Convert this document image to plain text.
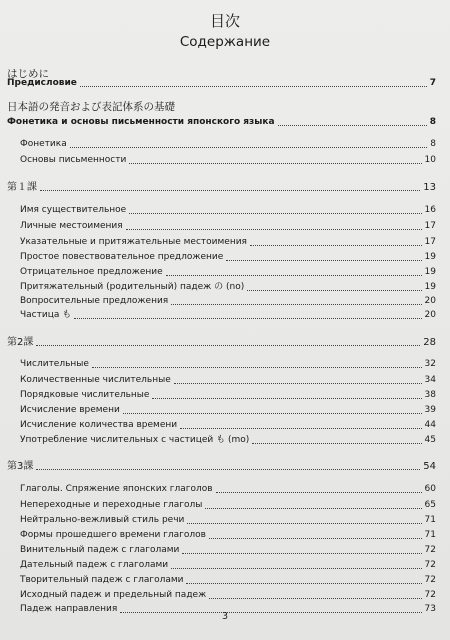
目次
Содержание
はじめに
日本語の発音および表記体系の基礎
Предисловие	7
Фонетика и основы письменности японского языка	8
Фонетика	8
Основы письменности	10
第１課	13
Имя существительное	16
Личные местоимения	17
Указательные и притяжательные местоимения	17
Простое повествовательное предложение	19
Отрицательное предложение	19
Притяжательный (родительный) падеж の (no)	19
Вопросительные предложения	20
Частица も	20
第2課	28
Числительные	32
Количественные числительные	34
Порядковые числительные	38
Исчисление времени	39
Исчисление количества времени	44
Употребление числительных с частицей も (mo)	45
第3課	54
Глаголы. Спряжение японских глаголов	60
Непереходные и переходные глаголы	65
Нейтрально-вежливый стиль речи	71
Формы прошедшего времени глаголов	71
Винительный падеж с глаголами	72
Дательный падеж с глаголами	72
Творительный падеж с глаголами	72
Исходный падеж и предельный падеж	72
Падеж направления	73
3
